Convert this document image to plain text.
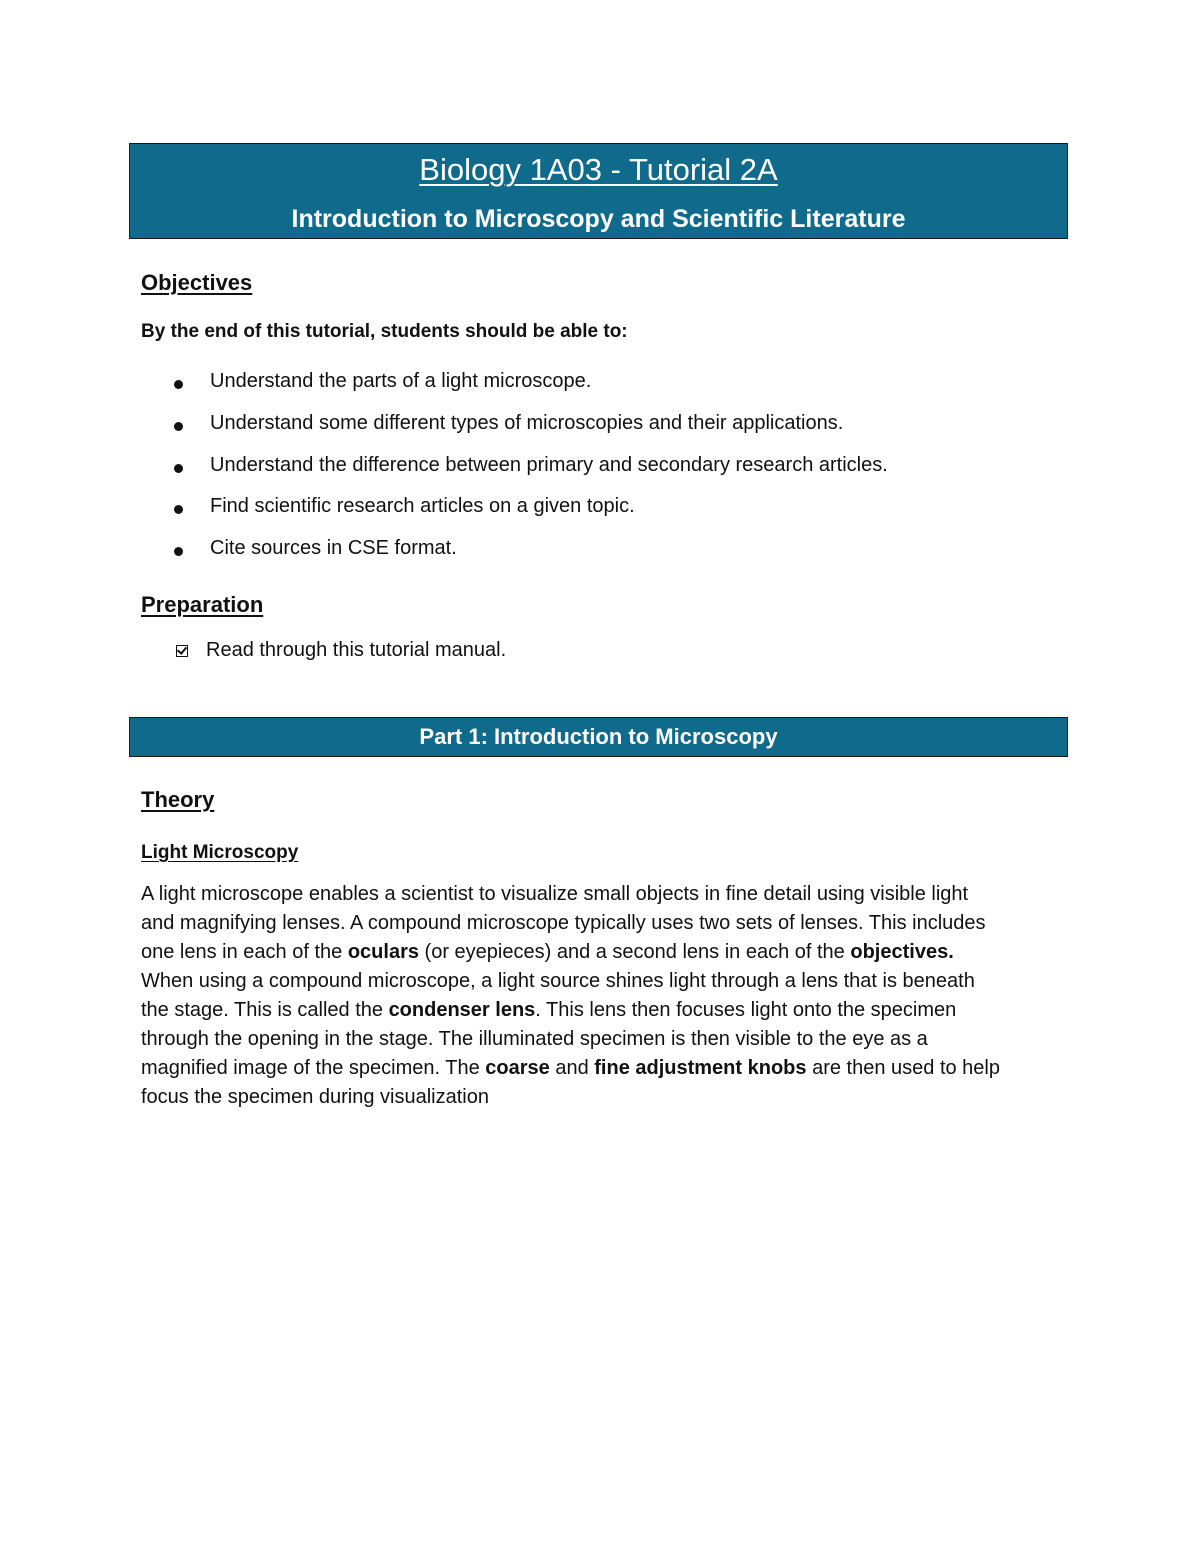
Biology 1A03 - Tutorial 2A
Introduction to Microscopy and Scientific Literature
Objectives
By the end of this tutorial, students should be able to:
Understand the parts of a light microscope.
Understand some different types of microscopies and their applications.
Understand the difference between primary and secondary research articles.
Find scientific research articles on a given topic.
Cite sources in CSE format.
Preparation
Read through this tutorial manual.
Part 1: Introduction to Microscopy
Theory
Light Microscopy
A light microscope enables a scientist to visualize small objects in fine detail using visible light
and magnifying lenses. A compound microscope typically uses two sets of lenses. This includes
one lens in each of the oculars (or eyepieces) and a second lens in each of the objectives.
When using a compound microscope, a light source shines light through a lens that is beneath
the stage. This is called the condenser lens. This lens then focuses light onto the specimen
through the opening in the stage. The illuminated specimen is then visible to the eye as a
magnified image of the specimen. The coarse and fine adjustment knobs are then used to help
focus the specimen during visualization
